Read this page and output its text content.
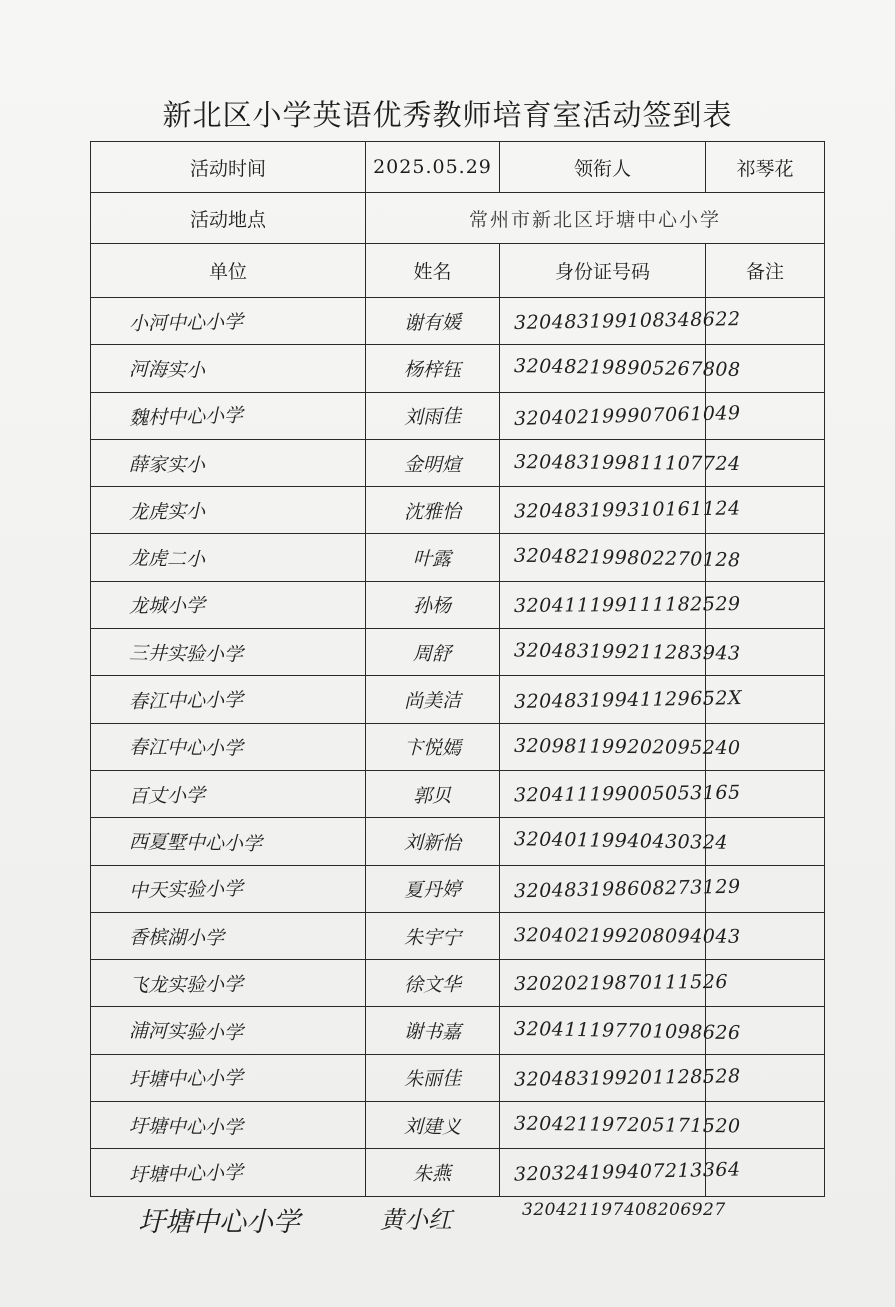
新北区小学英语优秀教师培育室活动签到表
活动时间	2025.05.29	领衔人	祁琴花
活动地点	常州市新北区圩塘中心小学		
单位	姓名	身份证号码	备注
小河中心小学	谢有媛	320483199108348622	
河海实小	杨梓钰	320482198905267808	
魏村中心小学	刘雨佳	320402199907061049	
薛家实小	金明煊	320483199811107724	
龙虎实小	沈雅怡	320483199310161124	
龙虎二小	叶露	320482199802270128	
龙城小学	孙杨	320411199111182529	
三井实验小学	周舒	320483199211283943	
春江中心小学	尚美洁	32048319941129652X	
春江中心小学	卞悦嫣	320981199202095240	
百丈小学	郭贝	320411199005053165	
西夏墅中心小学	刘新怡	32040119940430324	
中天实验小学	夏丹婷	320483198608273129	
香槟湖小学	朱宇宁	320402199208094043	
飞龙实验小学	徐文华	32020219870111526	
浦河实验小学	谢书嘉	320411197701098626	
圩塘中心小学	朱丽佳	320483199201128528	
圩塘中心小学	刘建义	320421197205171520	
圩塘中心小学	朱燕	320324199407213364	
圩塘中心小学	黄小红	320421197408206927
